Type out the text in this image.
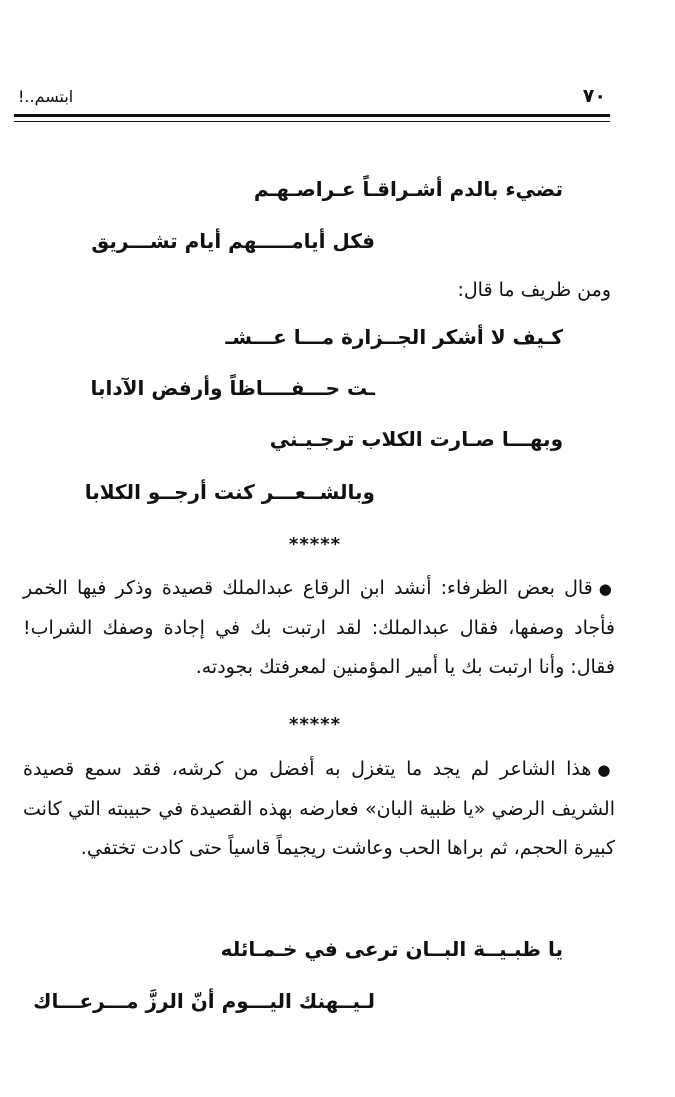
٧٠
ابتسم..!
تضيء بالدم أشـراقـاً عـراصـهـم
فكل أيامـــــهم أيام تشـــريق
ومن ظريف ما قال:
كـيف لا أشكر الجــزارة مـــا عـــشـ
ـت حـــفــــاظاً وأرفض الآدابا
وبهـــا صـارت الكلاب ترجـيـني
وبالشــعـــر كنت أرجــو الكلابا
*****
●قال بعض الظرفاء: أنشد ابن الرقاع عبدالملك قصيدة وذكر فيها الخمر فأجاد وصفها، فقال عبدالملك: لقد ارتبت بك في إجادة وصفك الشراب! فقال: وأنا ارتبت بك يا أمير المؤمنين لمعرفتك بجودته.
*****
●هذا الشاعر لم يجد ما يتغزل به أفضل من كرشه، فقد سمع قصيدة الشريف الرضي «يا ظبية البان» فعارضه بهذه القصيدة في حبيبته التي كانت كبيرة الحجم، ثم براها الحب وعاشت ريجيماً قاسياً حتى كادت تختفي.
يا ظبـيــة البــان ترعى في خـمـائله
لـيــهنك اليـــوم أنّ الرزَّ مـــرعـــاك
